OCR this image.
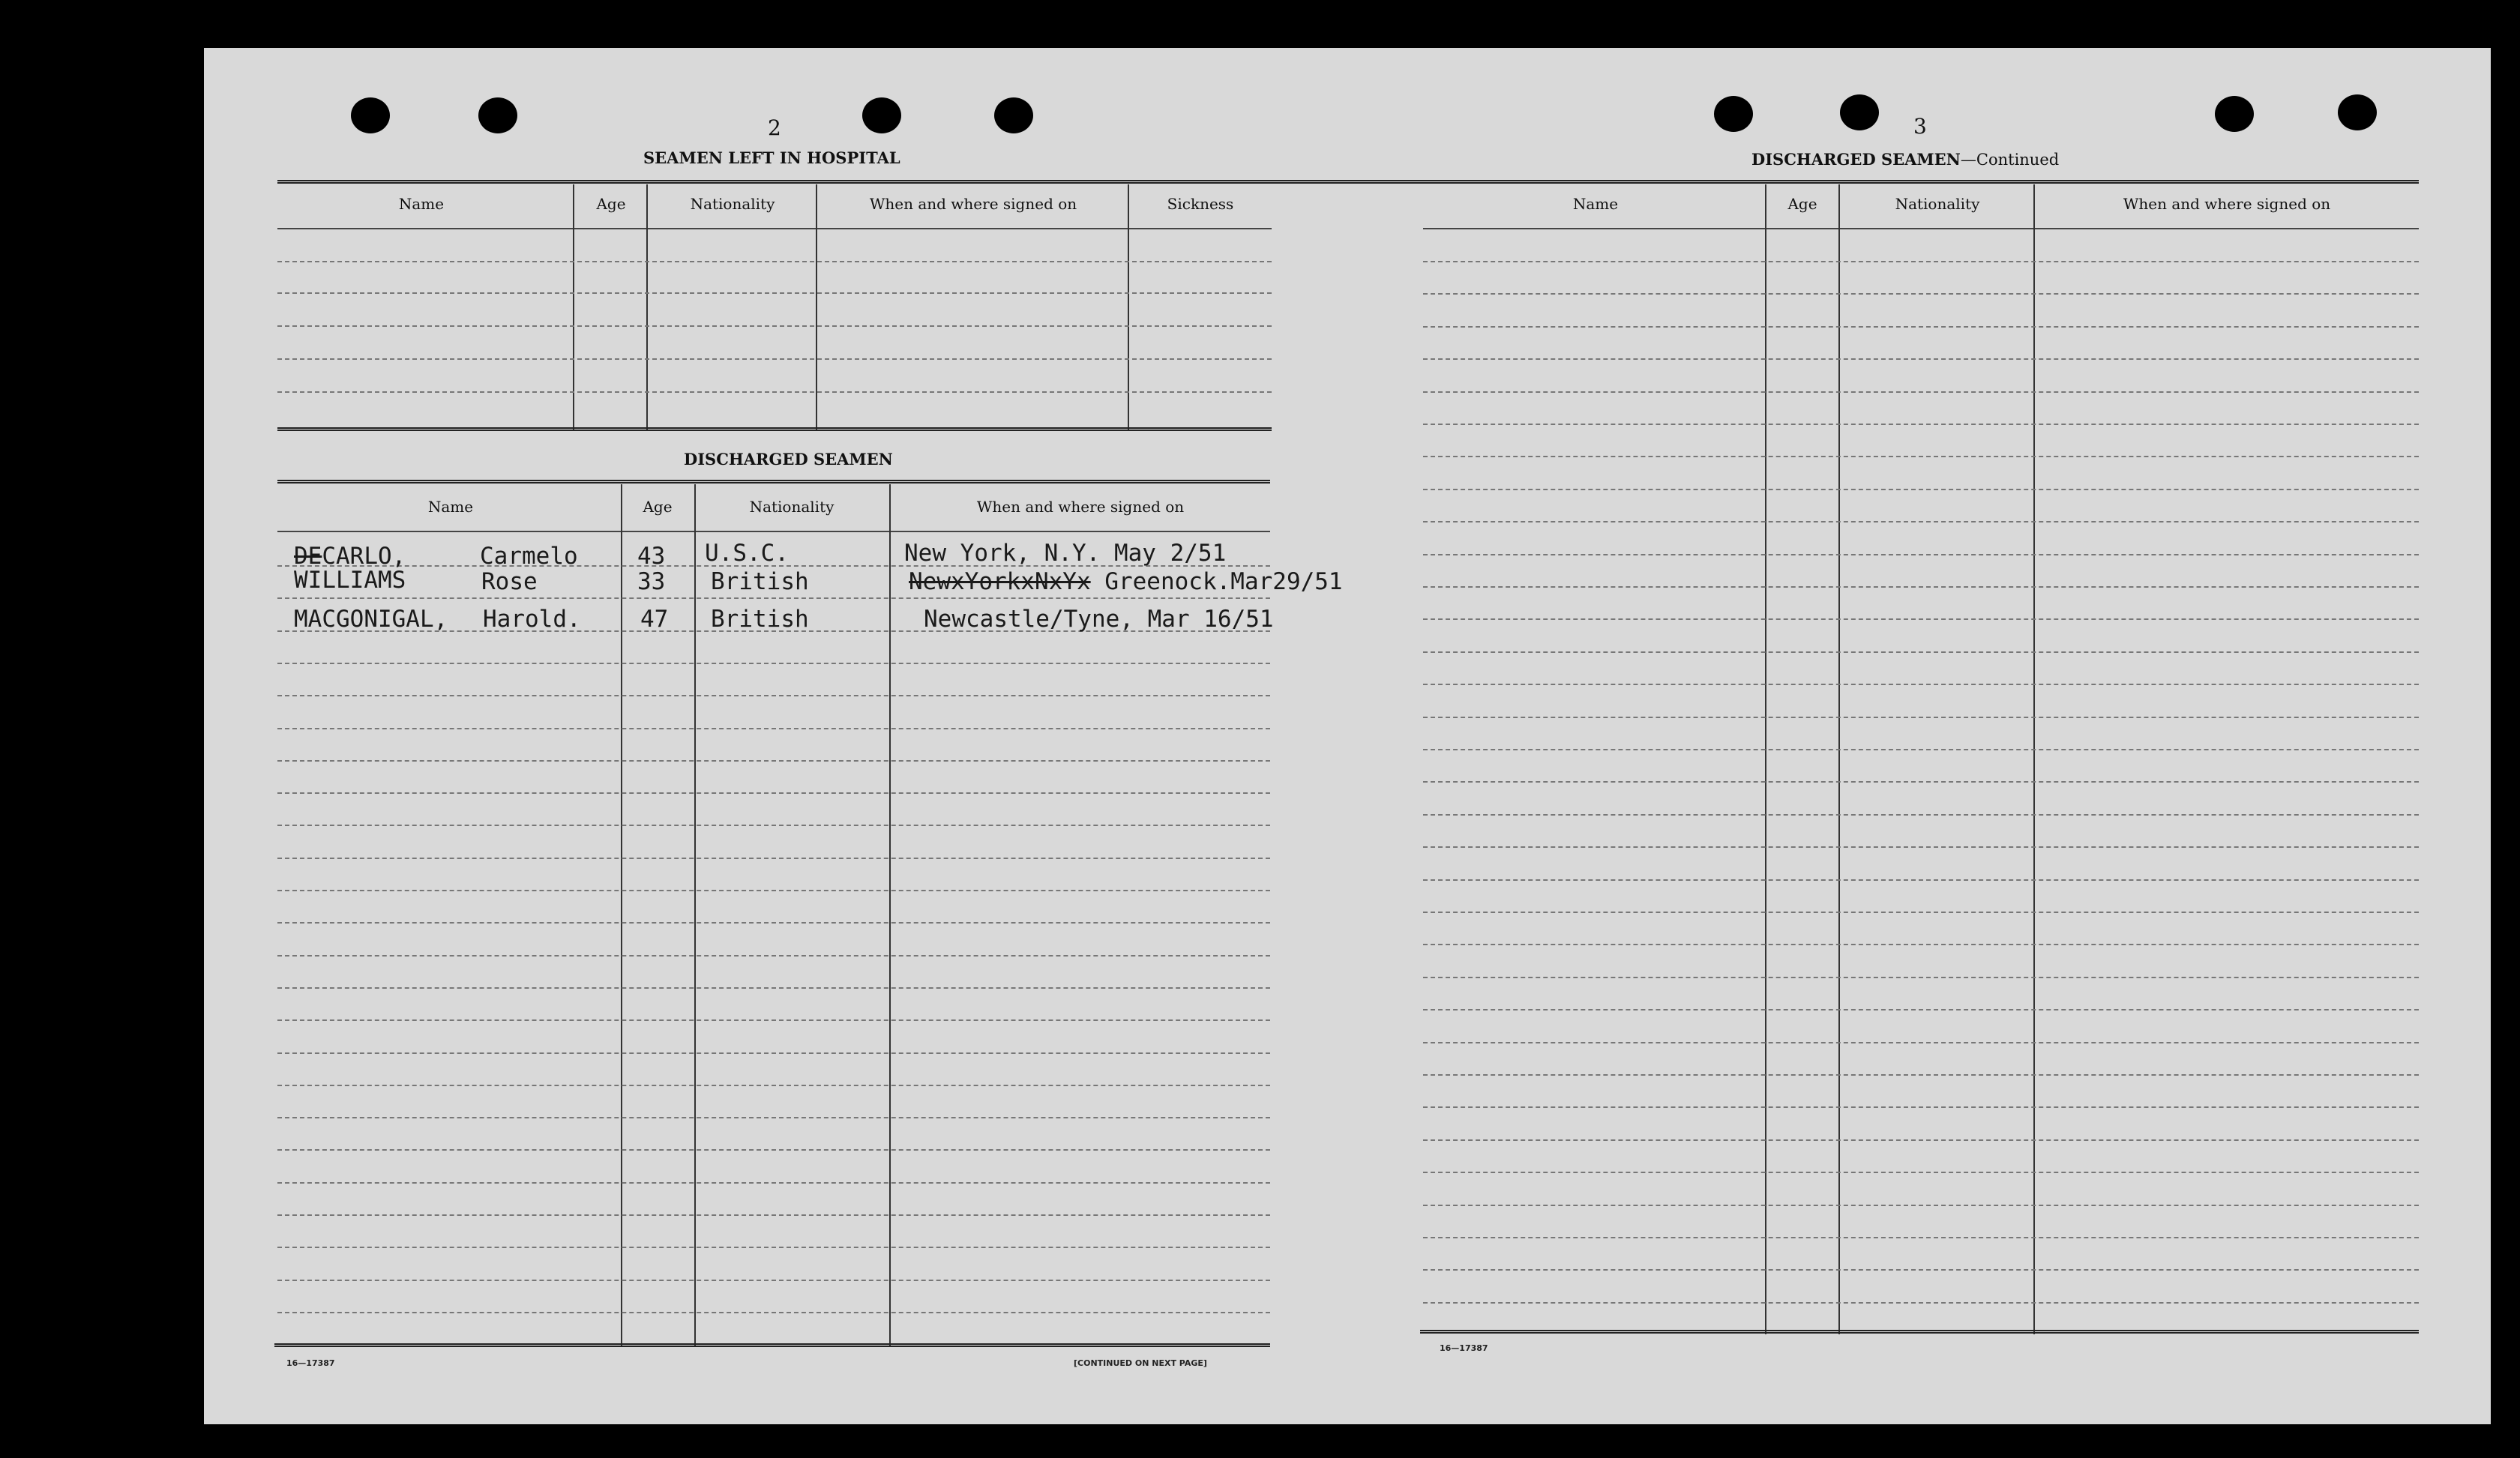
2
SEAMEN LEFT IN HOSPITAL
Name	Age	Nationality	When and where signed on	Sickness
DISCHARGED SEAMEN
Name	Age	Nationality	When and where signed on
DECARLO,	Carmelo	43 U.S.C.	New York, N.Y. May 2/51
WILLIAMS	Rose	33 British	NewxYorkxNxYx Greenock.Mar29/51
MACGONIGAL, Harold.	47 British	Newcastle/Tyne, Mar 16/51
16—17387	[CONTINUED ON NEXT PAGE]
3
DISCHARGED SEAMEN—Continued
Name	Age	Nationality	When and where signed on
16—17387
